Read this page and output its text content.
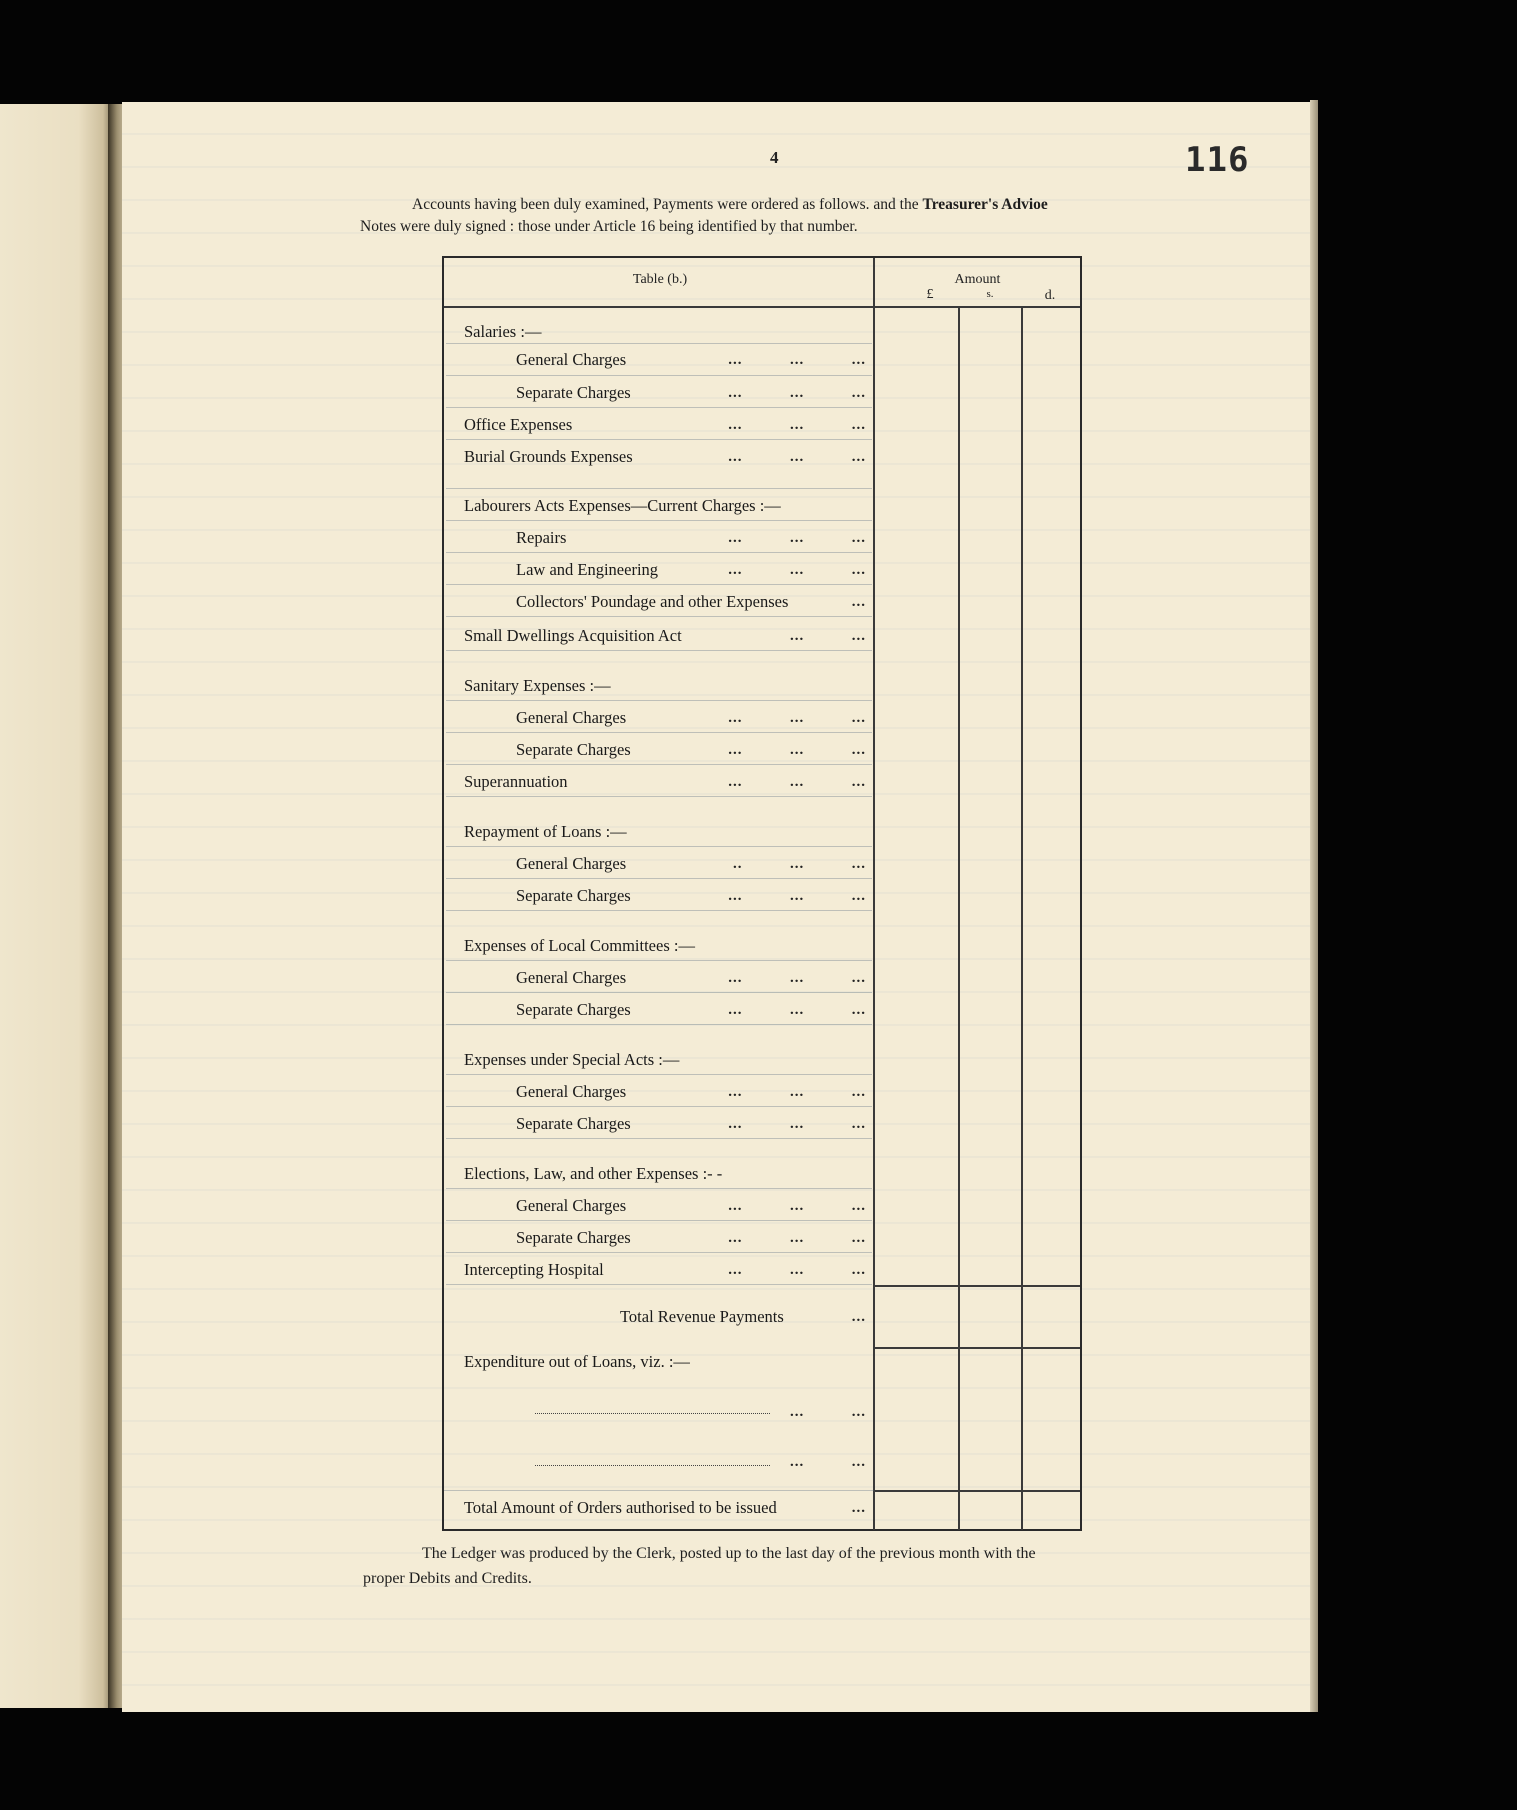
4	116
Accounts having been duly examined, Payments were ordered as follows. and the Treasurer's Advioe
Notes were duly signed : those under Article 16 being identified by that number.
Table (b.)	Amount
£	s.	d.
Salaries :—
General Charges	...          ...          ...
Separate Charges	...          ...          ...
Office Expenses	...          ...          ...
Burial Grounds Expenses	...          ...          ...
Labourers Acts Expenses—Current Charges :—
Repairs	...          ...          ...
Law and Engineering	...          ...          ...
Collectors' Poundage and other Expenses	...
Small Dwellings Acquisition Act	...          ...
Sanitary Expenses :—
General Charges	...          ...          ...
Separate Charges	...          ...          ...
Superannuation	...          ...          ...
Repayment of Loans :—
General Charges	..          ...          ...
Separate Charges	...          ...          ...
Expenses of Local Committees :—
General Charges	...          ...          ...
Separate Charges	...          ...          ...
Expenses under Special Acts :—
General Charges	...          ...          ...
Separate Charges	...          ...          ...
Elections, Law, and other Expenses :- -
General Charges	...          ...          ...
Separate Charges	...          ...          ...
Intercepting Hospital	...          ...          ...
Total Revenue Payments	...
Expenditure out of Loans, viz. :—
...          ...
...          ...
Total Amount of Orders authorised to be issued	...
The Ledger was produced by the Clerk, posted up to the last day of the previous month with the
proper Debits and Credits.
